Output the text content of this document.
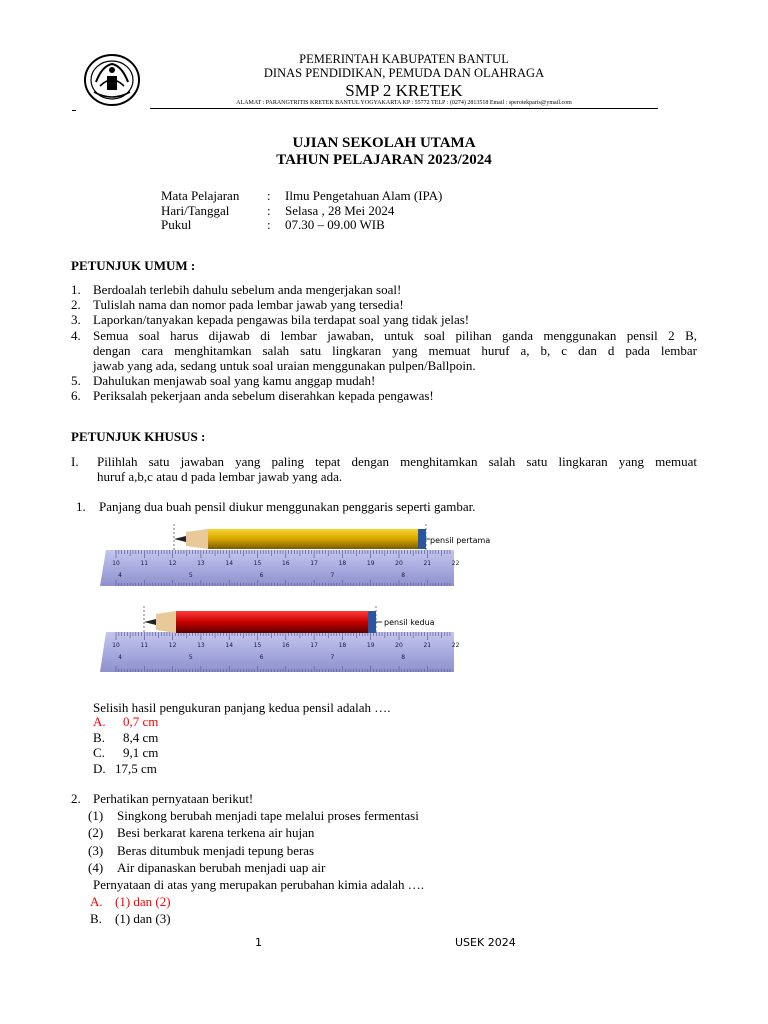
PEMERINTAH KABUPATEN BANTUL
DINAS PENDIDIKAN, PEMUDA DAN OLAHRAGA
SMP 2 KRETEK
ALAMAT : PARANGTRITIS KRETEK BANTUL YOGYAKARTA KP : 55772 TELP : (0274) 2813518 Email : sperotekparis@ymail.com
UJIAN SEKOLAH UTAMA
TAHUN PELAJARAN 2023/2024
Mata Pelajaran : Ilmu Pengetahuan Alam (IPA)
Hari/Tanggal	: Selasa , 28 Mei 2024
Pukul	: 07.30 – 09.00 WIB
PETUNJUK UMUM :
1. Berdoalah terlebih dahulu sebelum anda mengerjakan soal!
2. Tulislah nama dan nomor pada lembar jawab yang tersedia!
3. Laporkan/tanyakan kepada pengawas bila terdapat soal yang tidak jelas!
4. Semua soal harus dijawab di lembar jawaban, untuk soal pilihan ganda menggunakan pensil 2 B,
dengan cara menghitamkan salah satu lingkaran yang memuat huruf a, b, c dan d pada lembar
jawab yang ada, sedang untuk soal uraian menggunakan pulpen/Ballpoin.
5. Dahulukan menjawab soal yang kamu anggap mudah!
6. Periksalah pekerjaan anda sebelum diserahkan kepada pengawas!
PETUNJUK KHUSUS :
I. Pilihlah satu jawaban yang paling tepat dengan menghitamkan salah satu lingkaran yang memuat
huruf a,b,c atau d pada lembar jawab yang ada.
1. Panjang dua buah pensil diukur menggunakan penggaris seperti gambar.
10	11	12	13	14	15	16	17	18	19	20	21	22
4	5	6	7	8
pensil pertama
10	11	12	13	14	15	16	17	18	19	20	21	22
4	5	6	7	8
pensil kedua
Selisih hasil pengukuran panjang kedua pensil adalah ….
A. 0,7 cm
B. 8,4 cm
C. 9,1 cm
D. 17,5 cm
2. Perhatikan pernyataan berikut!
(1) Singkong berubah menjadi tape melalui proses fermentasi
(2) Besi berkarat karena terkena air hujan
(3) Beras ditumbuk menjadi tepung beras
(4) Air dipanaskan berubah menjadi uap air
Pernyataan di atas yang merupakan perubahan kimia adalah ….
A. (1) dan (2)
B. (1) dan (3)
1	USEK 2024
